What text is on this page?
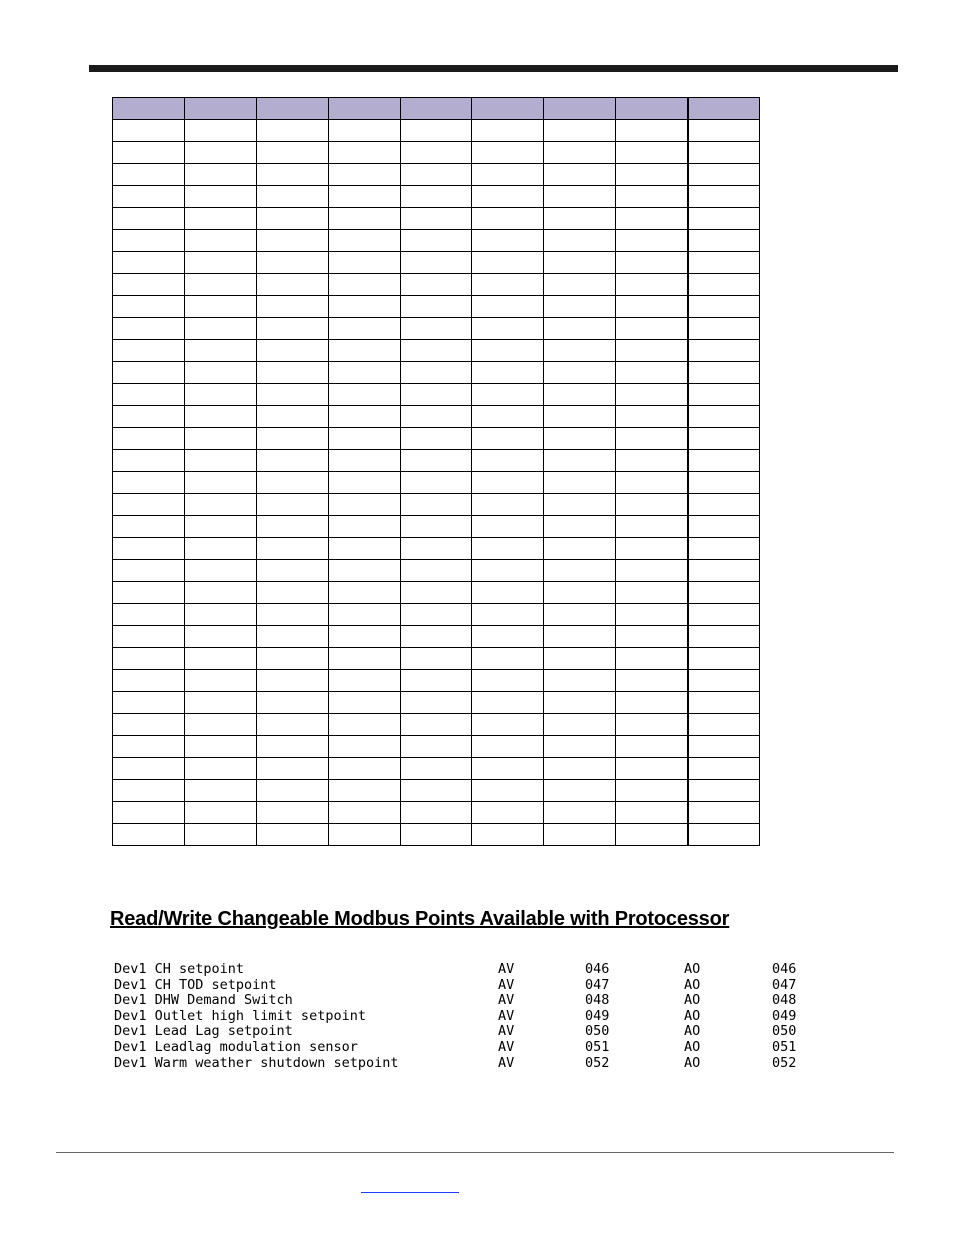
Read/Write Changeable Modbus Points Available with Protocessor
Dev1 CH setpoint	AV	046	AO	046
Dev1 CH TOD setpoint	AV	047	AO	047
Dev1 DHW Demand Switch	AV	048	AO	048
Dev1 Outlet high limit setpoint	AV	049	AO	049
Dev1 Lead Lag setpoint	AV	050	AO	050
Dev1 Leadlag modulation sensor	AV	051	AO	051
Dev1 Warm weather shutdown setpoint	AV	052	AO	052
